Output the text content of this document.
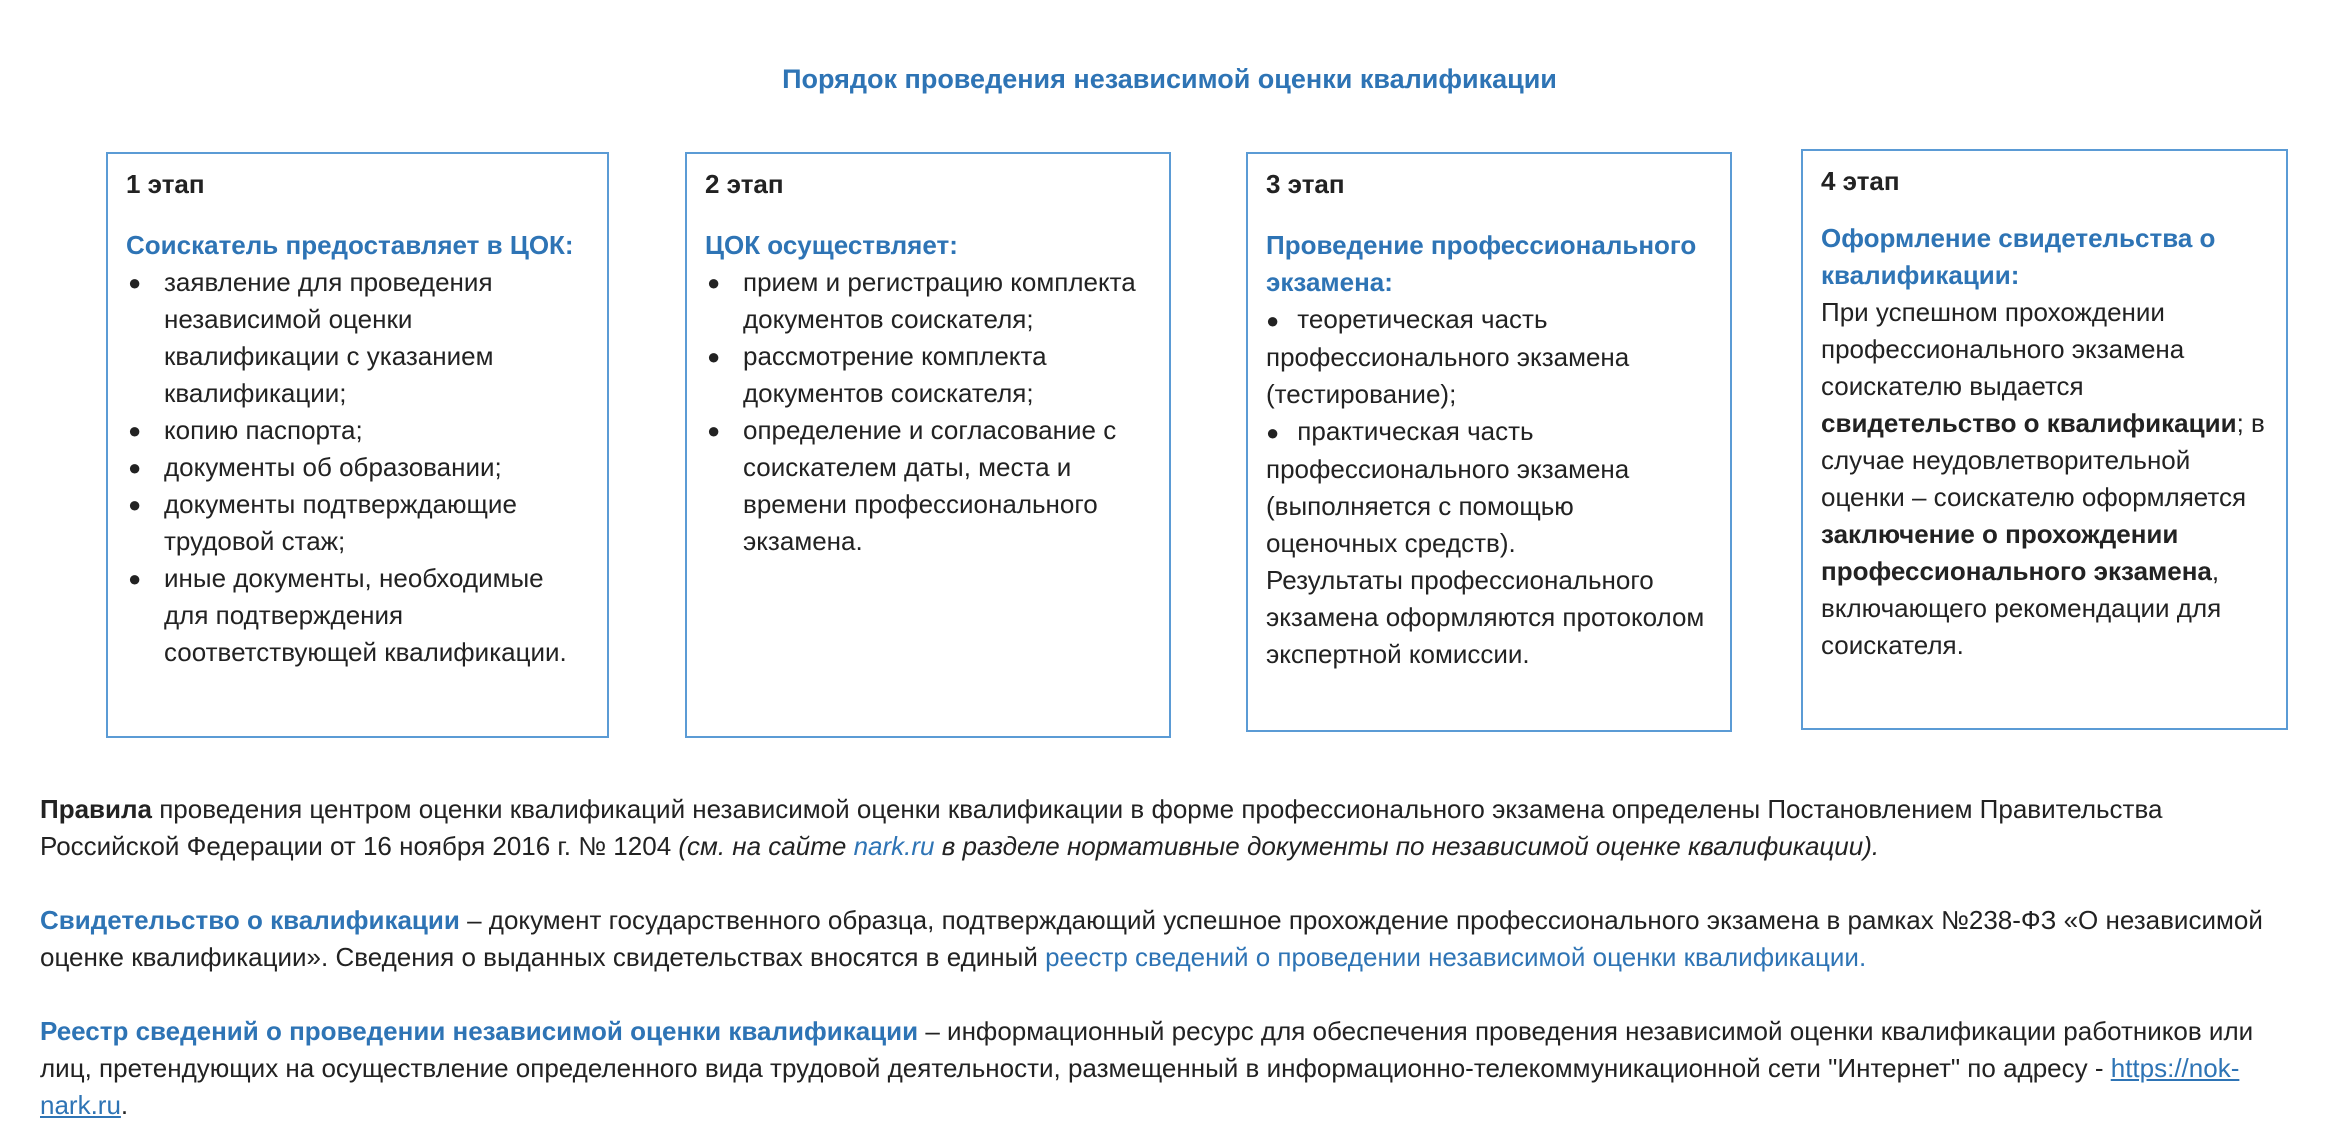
Порядок проведения независимой оценки квалификации
1 этап
Соискатель предоставляет в ЦОК:
● заявление для проведения независимой оценки квалификации с указанием квалификации;
● копию паспорта;
● документы об образовании;
● документы подтверждающие трудовой стаж;
● иные документы, необходимые для подтверждения соответствующей квалификации.
2 этап
ЦОК осуществляет:
● прием и регистрацию комплекта документов соискателя;
● рассмотрение комплекта документов соискателя;
● определение и согласование с соискателем даты, места и времени профессионального экзамена.
3 этап
Проведение профессионального экзамена:
● теоретическая часть профессионального экзамена (тестирование);
● практическая часть профессионального экзамена (выполняется с помощью оценочных средств).
Результаты профессионального экзамена оформляются протоколом экспертной комиссии.
4 этап
Оформление свидетельства о квалификации:
При успешном прохождении профессионального экзамена соискателю выдается свидетельство о квалификации; в случае неудовлетворительной оценки – соискателю оформляется заключение о прохождении профессионального экзамена, включающего рекомендации для соискателя.
Правила проведения центром оценки квалификаций независимой оценки квалификации в форме профессионального экзамена определены Постановлением Правительства Российской Федерации от 16 ноября 2016 г. № 1204 (см. на сайте nark.ru в разделе нормативные документы по независимой оценке квалификации).
Свидетельство о квалификации – документ государственного образца, подтверждающий успешное прохождение профессионального экзамена в рамках №238-ФЗ «О независимой оценке квалификации». Сведения о выданных свидетельствах вносятся в единый реестр сведений о проведении независимой оценки квалификации.
Реестр сведений о проведении независимой оценки квалификации – информационный ресурс для обеспечения проведения независимой оценки квалификации работников или лиц, претендующих на осуществление определенного вида трудовой деятельности, размещенный в информационно-телекоммуникационной сети "Интернет" по адресу - https://nok-nark.ru.
